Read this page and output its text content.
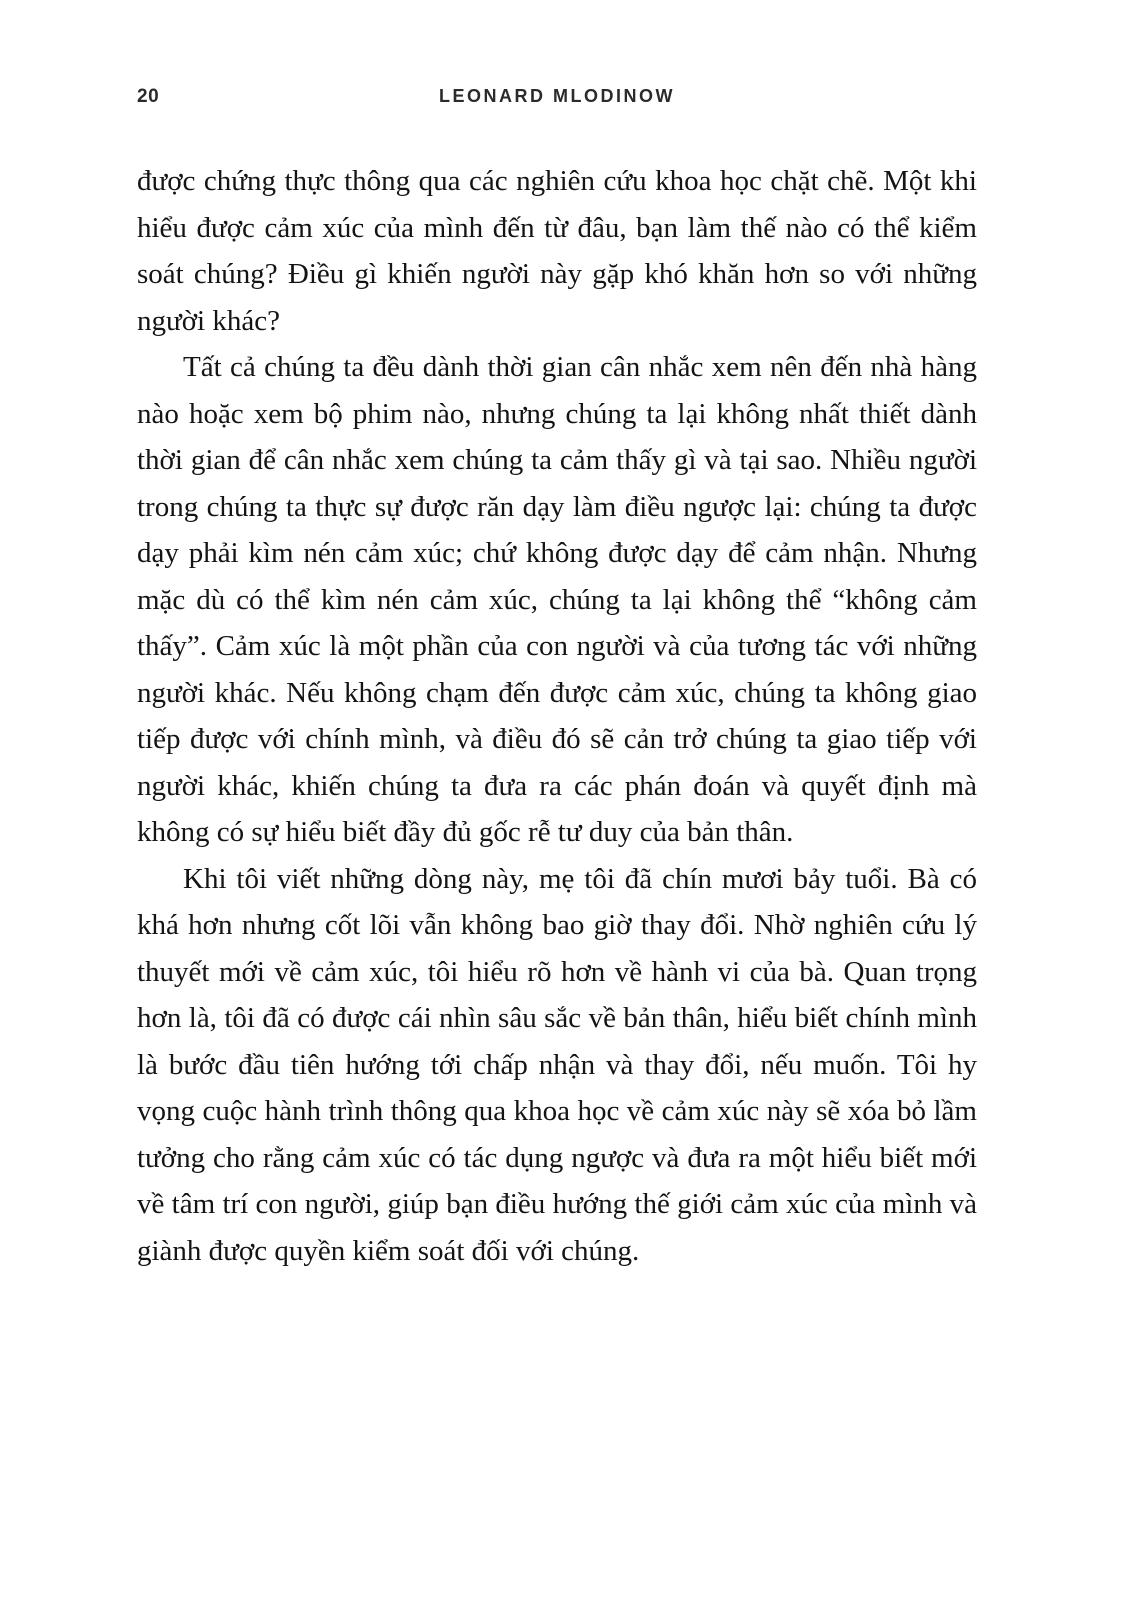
20	LEONARD MLODINOW

được chứng thực thông qua các nghiên cứu khoa học chặt chẽ. Một khi hiểu được cảm xúc của mình đến từ đâu, bạn làm thế nào có thể kiểm soát chúng? Điều gì khiến người này gặp khó khăn hơn so với những người khác?

Tất cả chúng ta đều dành thời gian cân nhắc xem nên đến nhà hàng nào hoặc xem bộ phim nào, nhưng chúng ta lại không nhất thiết dành thời gian để cân nhắc xem chúng ta cảm thấy gì và tại sao. Nhiều người trong chúng ta thực sự được răn dạy làm điều ngược lại: chúng ta được dạy phải kìm nén cảm xúc; chứ không được dạy để cảm nhận. Nhưng mặc dù có thể kìm nén cảm xúc, chúng ta lại không thể “không cảm thấy”. Cảm xúc là một phần của con người và của tương tác với những người khác. Nếu không chạm đến được cảm xúc, chúng ta không giao tiếp được với chính mình, và điều đó sẽ cản trở chúng ta giao tiếp với người khác, khiến chúng ta đưa ra các phán đoán và quyết định mà không có sự hiểu biết đầy đủ gốc rễ tư duy của bản thân.

Khi tôi viết những dòng này, mẹ tôi đã chín mươi bảy tuổi. Bà có khá hơn nhưng cốt lõi vẫn không bao giờ thay đổi. Nhờ nghiên cứu lý thuyết mới về cảm xúc, tôi hiểu rõ hơn về hành vi của bà. Quan trọng hơn là, tôi đã có được cái nhìn sâu sắc về bản thân, hiểu biết chính mình là bước đầu tiên hướng tới chấp nhận và thay đổi, nếu muốn. Tôi hy vọng cuộc hành trình thông qua khoa học về cảm xúc này sẽ xóa bỏ lầm tưởng cho rằng cảm xúc có tác dụng ngược và đưa ra một hiểu biết mới về tâm trí con người, giúp bạn điều hướng thế giới cảm xúc của mình và giành được quyền kiểm soát đối với chúng.
